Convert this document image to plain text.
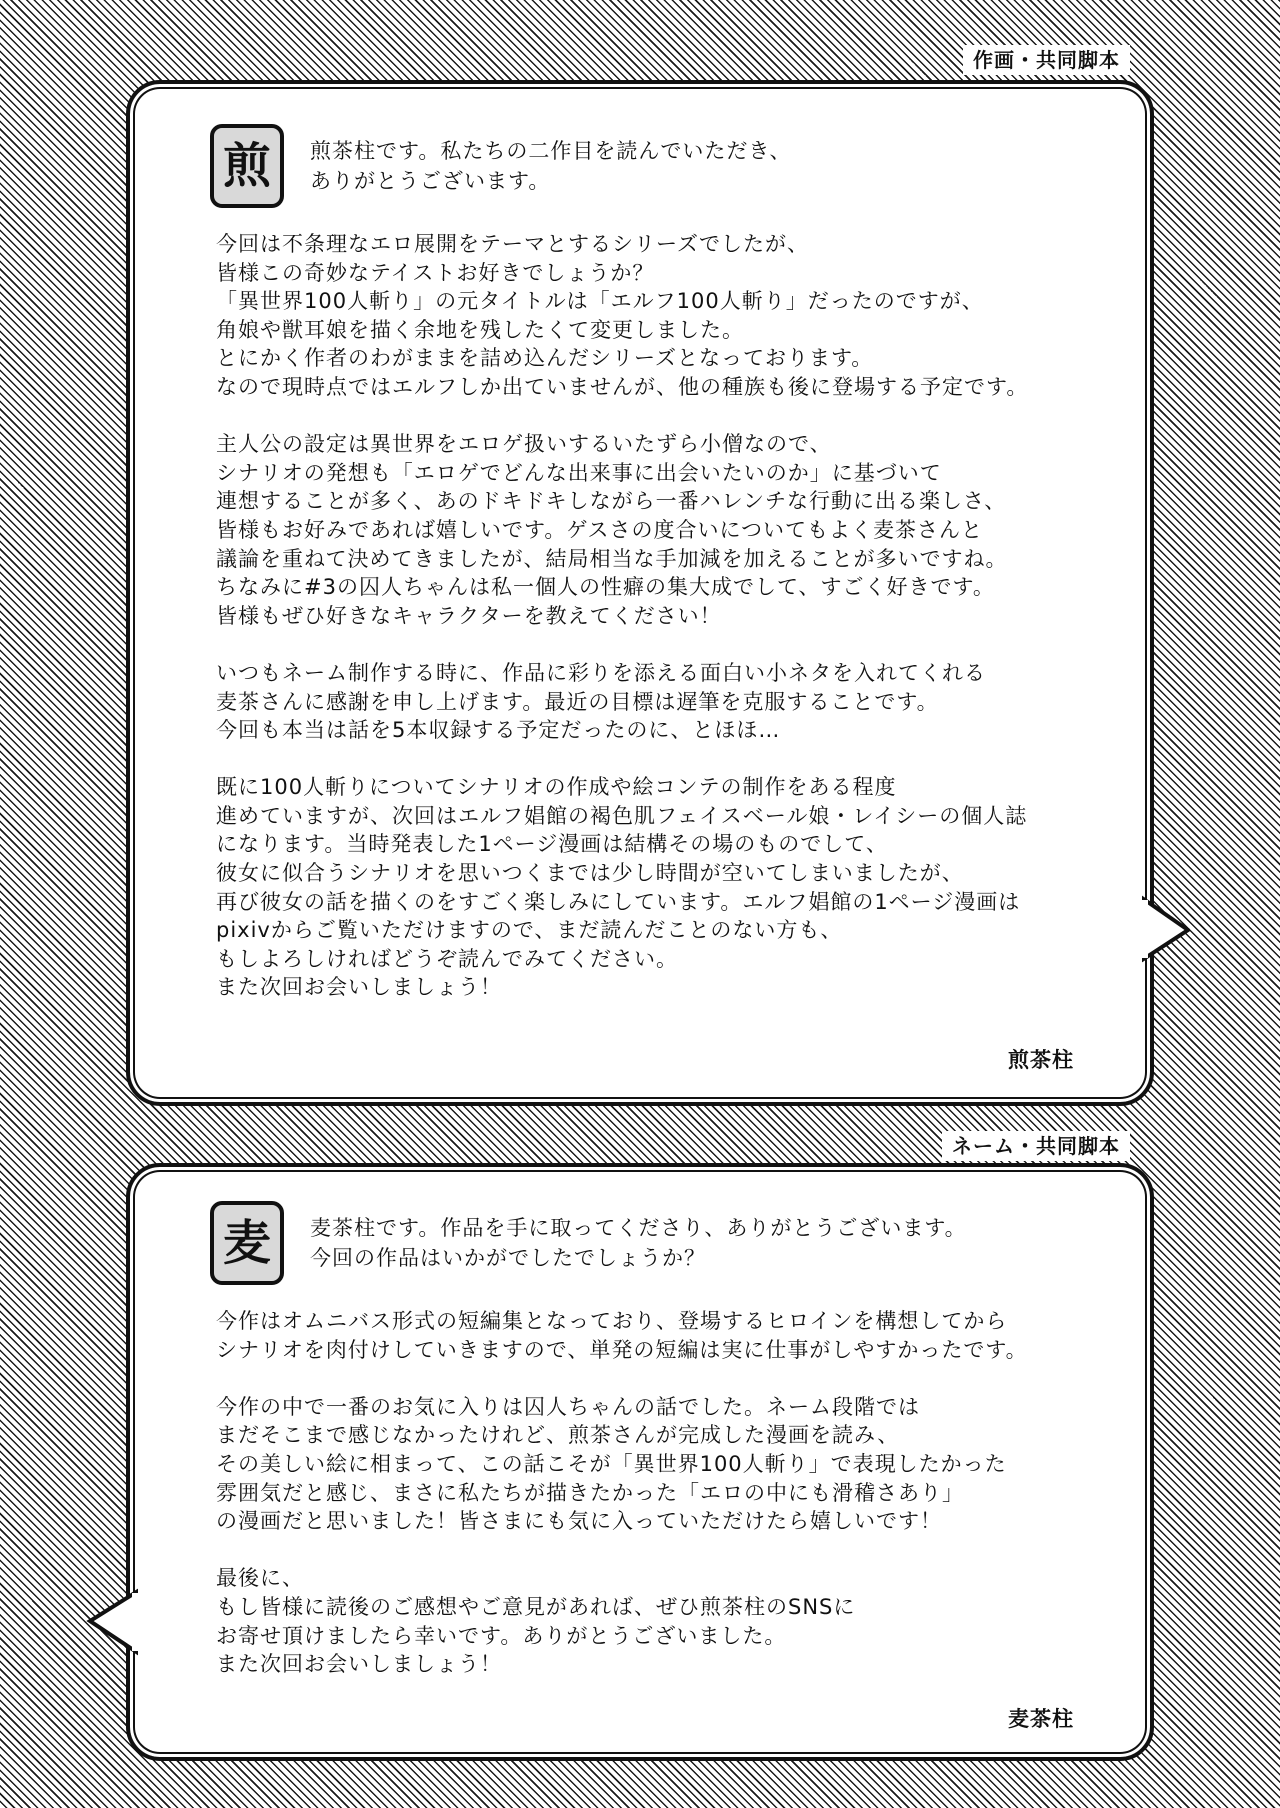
作画・共同脚本
煎	煎茶柱です。私たちの二作目を読んでいただき、
ありがとうございます。
今回は不条理なエロ展開をテーマとするシリーズでしたが、
皆様この奇妙なテイストお好きでしょうか？
「異世界100人斬り」の元タイトルは「エルフ100人斬り」だったのですが、
角娘や獣耳娘を描く余地を残したくて変更しました。
とにかく作者のわがままを詰め込んだシリーズとなっております。
なので現時点ではエルフしか出ていませんが、他の種族も後に登場する予定です。
主人公の設定は異世界をエロゲ扱いするいたずら小僧なので、
シナリオの発想も「エロゲでどんな出来事に出会いたいのか」に基づいて
連想することが多く、あのドキドキしながら一番ハレンチな行動に出る楽しさ、
皆様もお好みであれば嬉しいです。ゲスさの度合いについてもよく麦茶さんと
議論を重ねて決めてきましたが、結局相当な手加減を加えることが多いですね。
ちなみに#3の囚人ちゃんは私一個人の性癖の集大成でして、すごく好きです。
皆様もぜひ好きなキャラクターを教えてください！
いつもネーム制作する時に、作品に彩りを添える面白い小ネタを入れてくれる
麦茶さんに感謝を申し上げます。最近の目標は遅筆を克服することです。
今回も本当は話を5本収録する予定だったのに、とほほ…
既に100人斬りについてシナリオの作成や絵コンテの制作をある程度
進めていますが、次回はエルフ娼館の褐色肌フェイスベール娘・レイシーの個人誌
になります。当時発表した1ページ漫画は結構その場のものでして、
彼女に似合うシナリオを思いつくまでは少し時間が空いてしまいましたが、
再び彼女の話を描くのをすごく楽しみにしています。エルフ娼館の1ページ漫画は
pixivからご覧いただけますので、まだ読んだことのない方も、
もしよろしければどうぞ読んでみてください。
また次回お会いしましょう！
煎茶柱
ネーム・共同脚本
麦	麦茶柱です。作品を手に取ってくださり、ありがとうございます。
今回の作品はいかがでしたでしょうか？
今作はオムニバス形式の短編集となっており、登場するヒロインを構想してから
シナリオを肉付けしていきますので、単発の短編は実に仕事がしやすかったです。
今作の中で一番のお気に入りは囚人ちゃんの話でした。ネーム段階では
まだそこまで感じなかったけれど、煎茶さんが完成した漫画を読み、
その美しい絵に相まって、この話こそが「異世界100人斬り」で表現したかった
雰囲気だと感じ、まさに私たちが描きたかった「エロの中にも滑稽さあり」
の漫画だと思いました！皆さまにも気に入っていただけたら嬉しいです！
最後に、
もし皆様に読後のご感想やご意見があれば、ぜひ煎茶柱のSNSに
お寄せ頂けましたら幸いです。ありがとうございました。
また次回お会いしましょう！
麦茶柱
